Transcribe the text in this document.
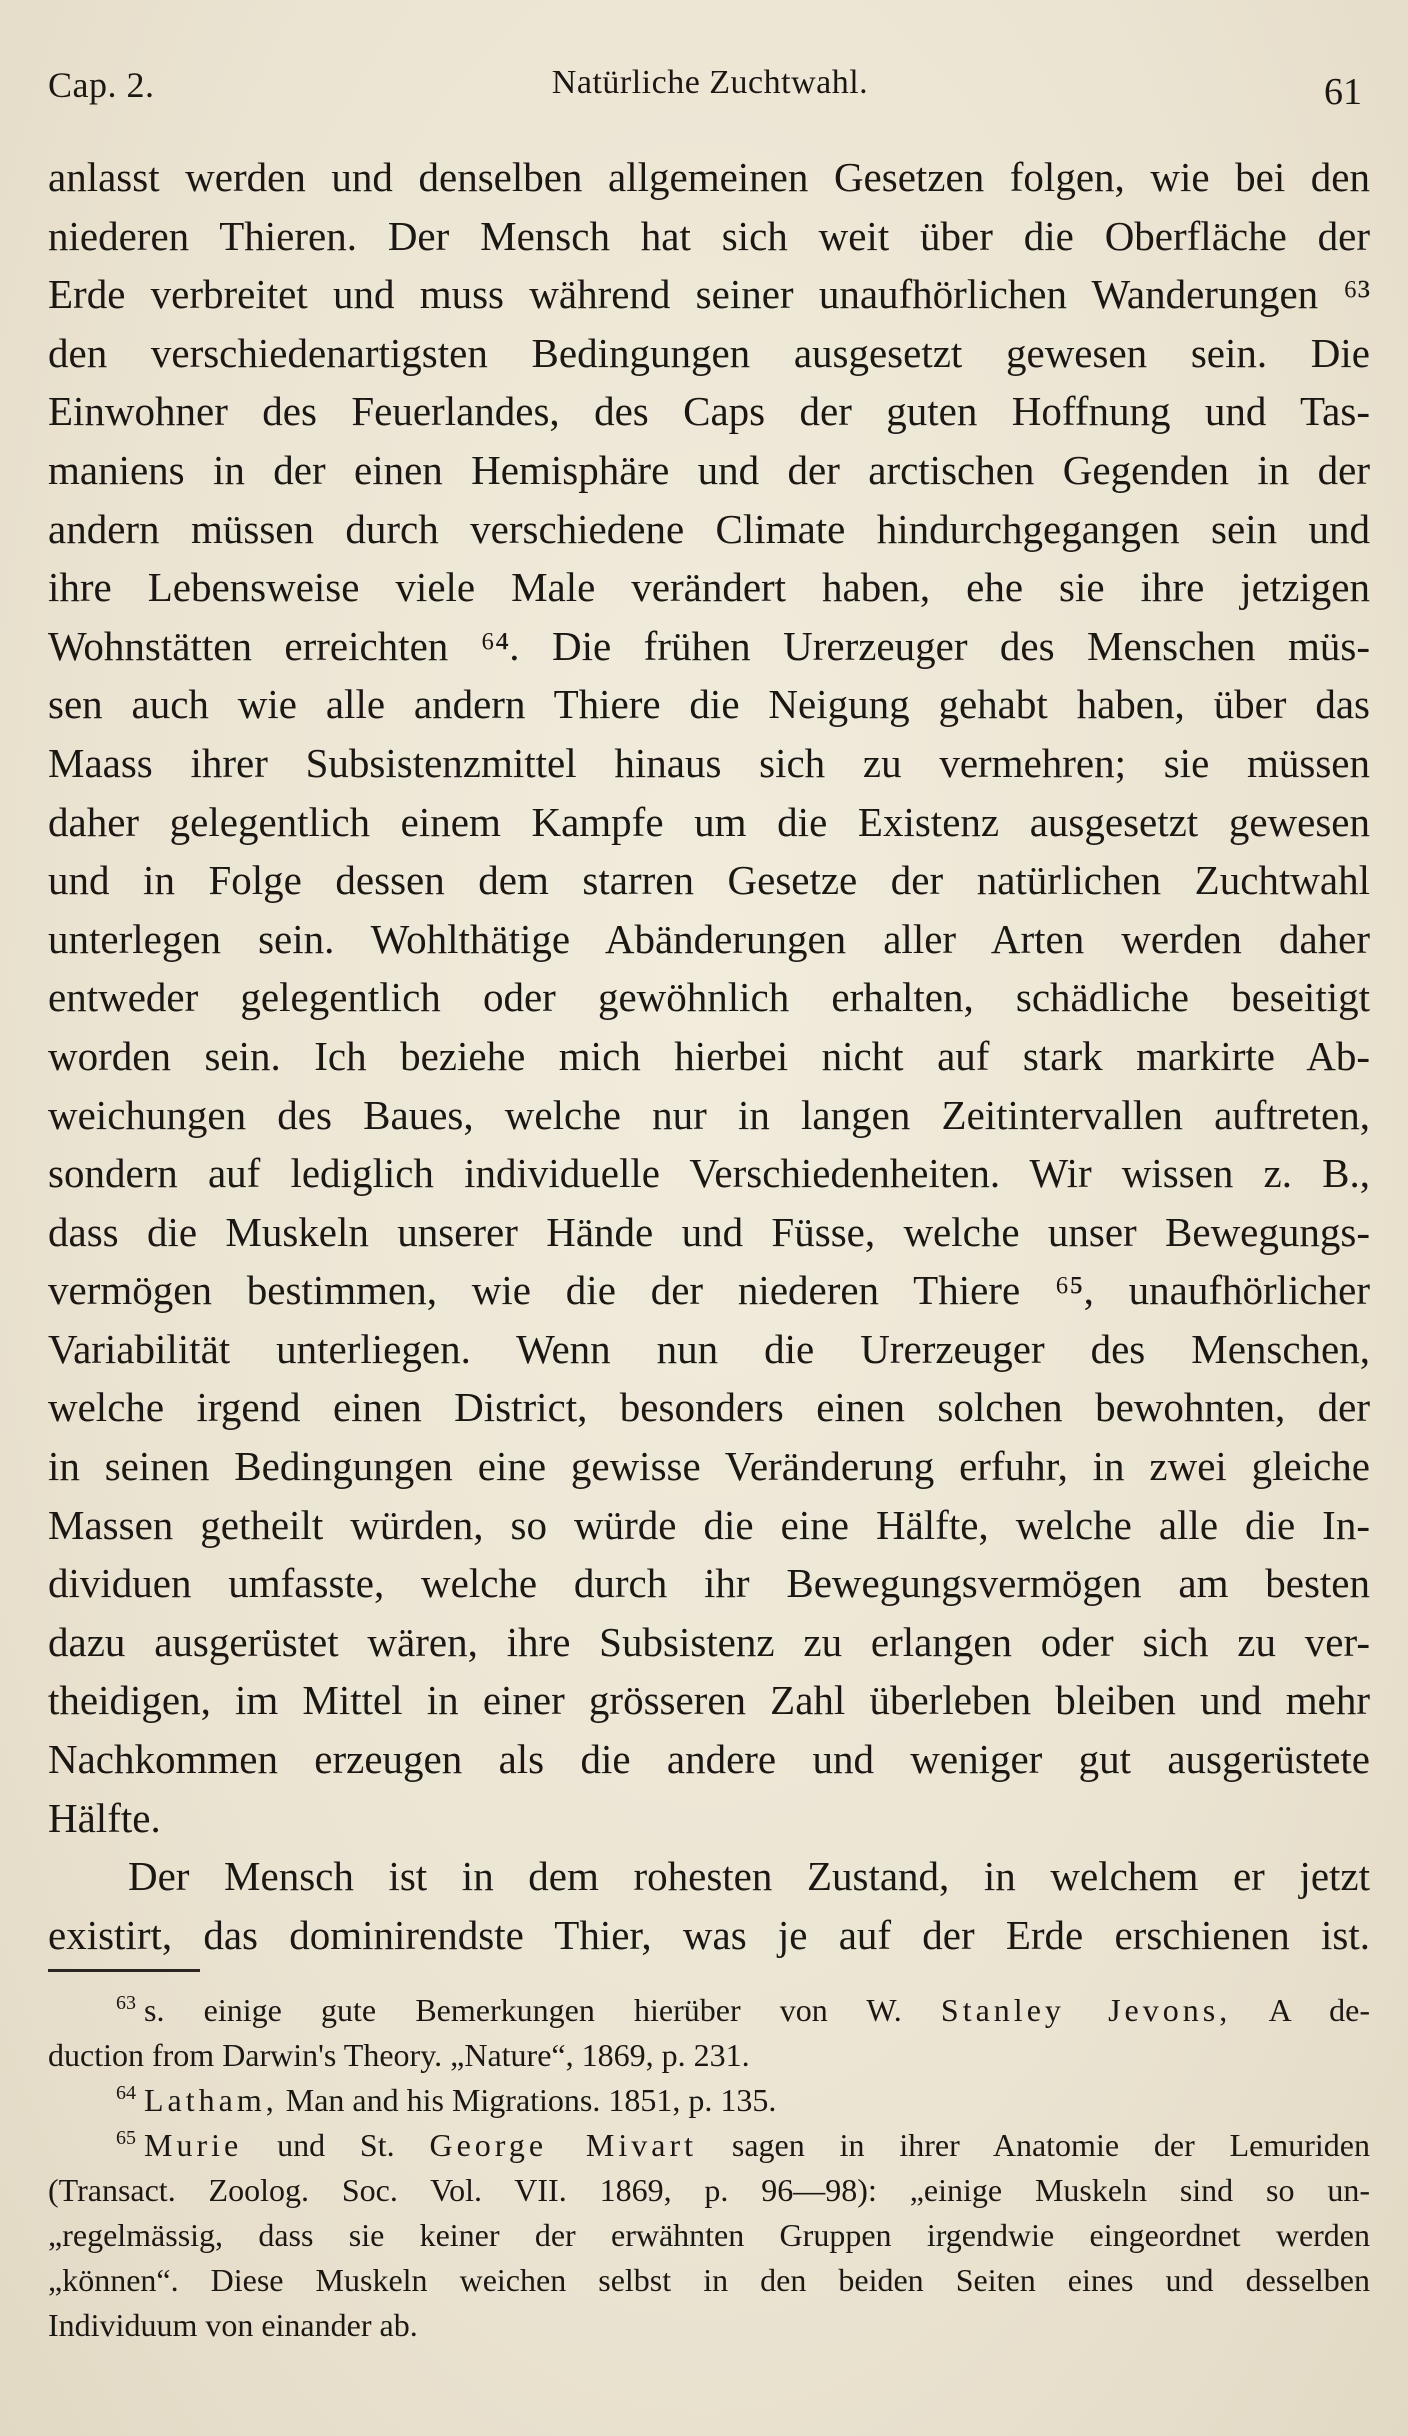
Cap. 2.	Natürliche Zuchtwahl.	61
anlasst werden und denselben allgemeinen Gesetzen folgen, wie bei den
niederen Thieren. Der Mensch hat sich weit über die Oberfläche der
Erde verbreitet und muss während seiner unaufhörlichen Wanderungen ⁶³
den verschiedenartigsten Bedingungen ausgesetzt gewesen sein. Die
Einwohner des Feuerlandes, des Caps der guten Hoffnung und Tas-
maniens in der einen Hemisphäre und der arctischen Gegenden in der
andern müssen durch verschiedene Climate hindurchgegangen sein und
ihre Lebensweise viele Male verändert haben, ehe sie ihre jetzigen
Wohnstätten erreichten ⁶⁴. Die frühen Urerzeuger des Menschen müs-
sen auch wie alle andern Thiere die Neigung gehabt haben, über das
Maass ihrer Subsistenzmittel hinaus sich zu vermehren; sie müssen
daher gelegentlich einem Kampfe um die Existenz ausgesetzt gewesen
und in Folge dessen dem starren Gesetze der natürlichen Zuchtwahl
unterlegen sein. Wohlthätige Abänderungen aller Arten werden daher
entweder gelegentlich oder gewöhnlich erhalten, schädliche beseitigt
worden sein. Ich beziehe mich hierbei nicht auf stark markirte Ab-
weichungen des Baues, welche nur in langen Zeitintervallen auftreten,
sondern auf lediglich individuelle Verschiedenheiten. Wir wissen z. B.,
dass die Muskeln unserer Hände und Füsse, welche unser Bewegungs-
vermögen bestimmen, wie die der niederen Thiere ⁶⁵, unaufhörlicher
Variabilität unterliegen. Wenn nun die Urerzeuger des Menschen,
welche irgend einen District, besonders einen solchen bewohnten, der
in seinen Bedingungen eine gewisse Veränderung erfuhr, in zwei gleiche
Massen getheilt würden, so würde die eine Hälfte, welche alle die In-
dividuen umfasste, welche durch ihr Bewegungsvermögen am besten
dazu ausgerüstet wären, ihre Subsistenz zu erlangen oder sich zu ver-
theidigen, im Mittel in einer grösseren Zahl überleben bleiben und mehr
Nachkommen erzeugen als die andere und weniger gut ausgerüstete
Hälfte.
Der Mensch ist in dem rohesten Zustand, in welchem er jetzt
existirt, das dominirendste Thier, was je auf der Erde erschienen ist.
$^{63}$ s. einige gute Bemerkungen hierüber von W. Stanley Jevons, A de-
duction from Darwin's Theory. „Nature“, 1869, p. 231.
$^{64}$ Latham, Man and his Migrations. 1851, p. 135.
$^{65}$ Murie und St. George Mivart sagen in ihrer Anatomie der Lemuriden
(Transact. Zoolog. Soc. Vol. VII. 1869, p. 96—98): „einige Muskeln sind so un-
„regelmässig, dass sie keiner der erwähnten Gruppen irgendwie eingeordnet werden
„können“. Diese Muskeln weichen selbst in den beiden Seiten eines und desselben
Individuum von einander ab.
